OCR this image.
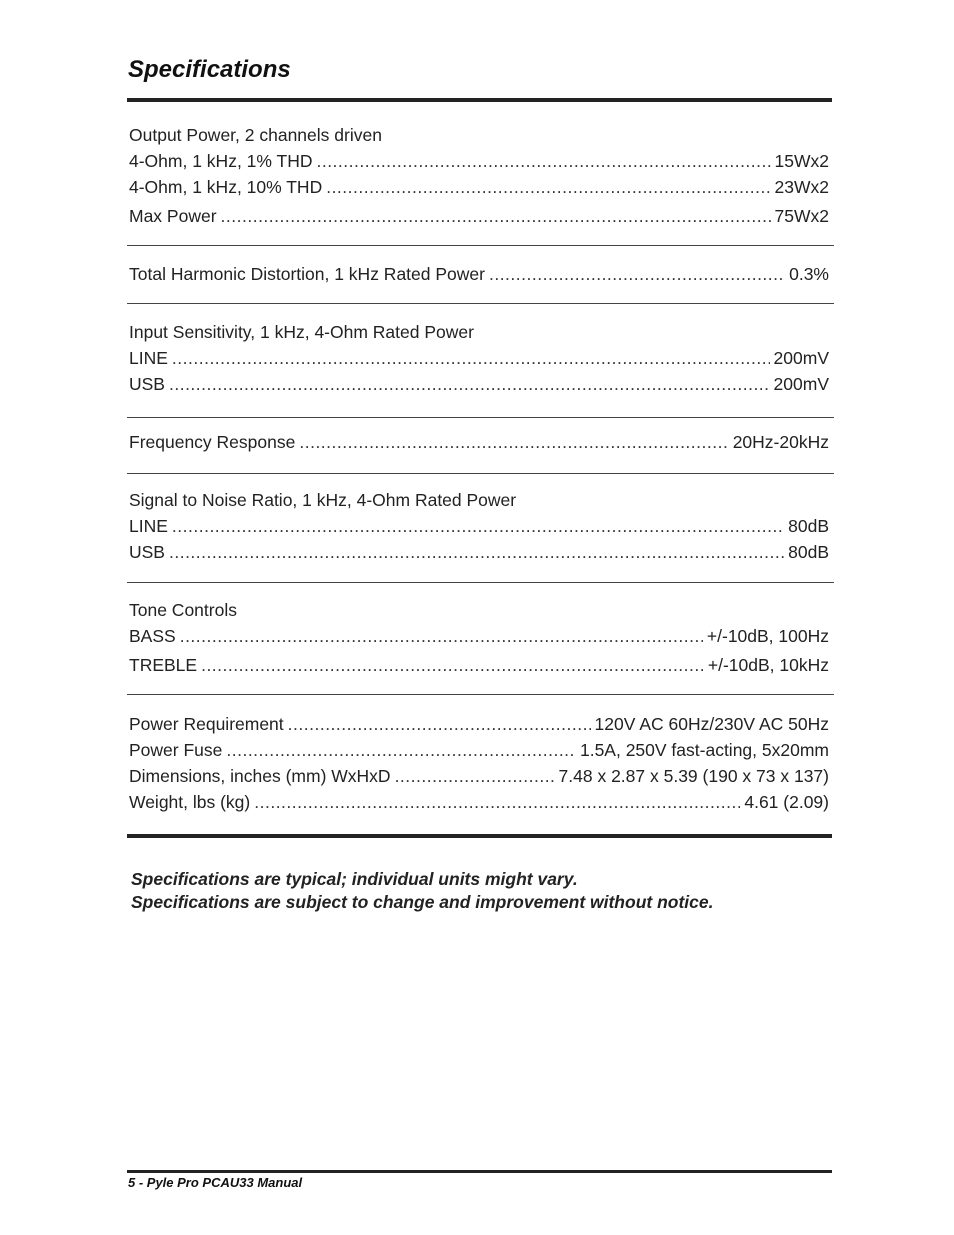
Specifications
Output Power, 2 channels driven
4-Ohm, 1 kHz, 1% THD .....	15Wx2
4-Ohm, 1 kHz, 10% THD .....	23Wx2
Max Power .....	75Wx2
Total Harmonic Distortion, 1 kHz Rated Power .....	0.3%
Input Sensitivity, 1 kHz, 4-Ohm Rated Power
LINE .....	200mV
USB .....	200mV
Frequency Response .....	20Hz-20kHz
Signal to Noise Ratio, 1 kHz, 4-Ohm Rated Power
LINE .....	80dB
USB .....	80dB
Tone Controls
BASS .....	+/-10dB, 100Hz
TREBLE .....	+/-10dB, 10kHz
Power Requirement .....	120V AC 60Hz/230V AC 50Hz
Power Fuse .....	1.5A, 250V fast-acting, 5x20mm
Dimensions, inches (mm) WxHxD .....	7.48 x 2.87 x 5.39 (190 x 73 x 137)
Weight, lbs (kg) .....	4.61 (2.09)
Specifications are typical; individual units might vary.
Specifications are subject to change and improvement without notice.
5 - Pyle Pro PCAU33 Manual
